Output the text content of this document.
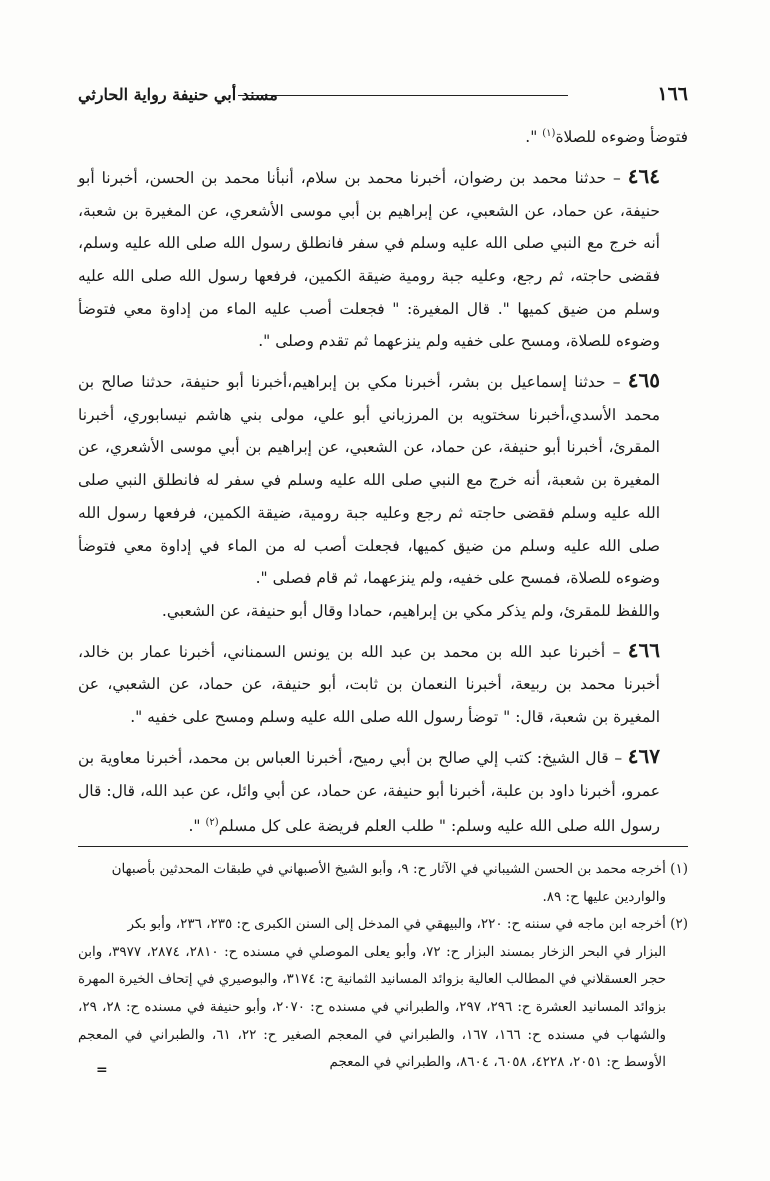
١٦٦
مسند أبي حنيفة رواية الحارثي

فتوضأ وضوءه للصلاة$^{(١)}$ ".

٤٦٤ – حدثنا محمد بن رضوان، أخبرنا محمد بن سلام، أنبأنا محمد بن الحسن، أخبرنا أبو حنيفة، عن حماد، عن الشعبي، عن إبراهيم بن أبي موسى الأشعري، عن المغيرة بن شعبة، أنه خرج مع النبي صلى الله عليه وسلم في سفر فانطلق رسول الله صلى الله عليه وسلم، فقضى حاجته، ثم رجع، وعليه جبة رومية ضيقة الكمين، فرفعها رسول الله صلى الله عليه وسلم من ضيق كميها ". قال المغيرة: " فجعلت أصب عليه الماء من إداوة معي فتوضأ وضوءه للصلاة، ومسح على خفيه ولم ينزعهما ثم تقدم وصلى ".

٤٦٥ – حدثنا إسماعيل بن بشر، أخبرنا مكي بن إبراهيم،أخبرنا أبو حنيفة، حدثنا صالح بن محمد الأسدي،أخبرنا سختويه بن المرزباني أبو علي، مولى بني هاشم نيسابوري، أخبرنا المقرئ، أخبرنا أبو حنيفة، عن حماد، عن الشعبي، عن إبراهيم بن أبي موسى الأشعري، عن المغيرة بن شعبة، أنه خرج مع النبي صلى الله عليه وسلم في سفر له فانطلق النبي صلى الله عليه وسلم فقضى حاجته ثم رجع وعليه جبة رومية، ضيقة الكمين، فرفعها رسول الله صلى الله عليه وسلم من ضيق كميها، فجعلت أصب له من الماء في إداوة معي فتوضأ وضوءه للصلاة، فمسح على خفيه، ولم ينزعهما، ثم قام فصلى ".

واللفظ للمقرئ، ولم يذكر مكي بن إبراهيم، حمادا وقال أبو حنيفة، عن الشعبي.

٤٦٦ – أخبرنا عبد الله بن محمد بن عبد الله بن يونس السمناني، أخبرنا عمار بن خالد، أخبرنا محمد بن ربيعة، أخبرنا النعمان بن ثابت، أبو حنيفة، عن حماد، عن الشعبي، عن المغيرة بن شعبة، قال: " توضأ رسول الله صلى الله عليه وسلم ومسح على خفيه ".

٤٦٧ – قال الشيخ: كتب إلي صالح بن أبي رميح، أخبرنا العباس بن محمد، أخبرنا معاوية بن عمرو، أخبرنا داود بن علبة، أخبرنا أبو حنيفة، عن حماد، عن أبي وائل، عن عبد الله، قال: قال رسول الله صلى الله عليه وسلم: " طلب العلم فريضة على كل مسلم$^{(٢)}$ ".

(١) أخرجه محمد بن الحسن الشيباني في الآثار ح: ٩، وأبو الشيخ الأصبهاني في طبقات المحدثين بأصبهان

والواردين عليها ح: ٨٩.

(٢) أخرجه ابن ماجه في سننه ح: ٢٢٠، والبيهقي في المدخل إلى السنن الكبرى ح: ٢٣٥، ٢٣٦، وأبو بكر

البزار في البحر الزخار بمسند البزار ح: ٧٢، وأبو يعلى الموصلي في مسنده ح: ٢٨١٠، ٢٨٧٤، ٣٩٧٧، وابن حجر العسقلاني في المطالب العالية بزوائد المسانيد الثمانية ح: ٣١٧٤، والبوصيري في إتحاف الخيرة المهرة بزوائد المسانيد العشرة ح: ٢٩٦، ٢٩٧، والطبراني في مسنده ح: ٢٠٧٠، وأبو حنيفة في مسنده ح: ٢٨، ٢٩، والشهاب في مسنده ح: ١٦٦، ١٦٧، والطبراني في المعجم الصغير ح: ٢٢، ٦١، والطبراني في المعجم الأوسط ح: ٢٠٥١، ٤٢٢٨، ٦٠٥٨، ٨٦٠٤، والطبراني في المعجم

=
